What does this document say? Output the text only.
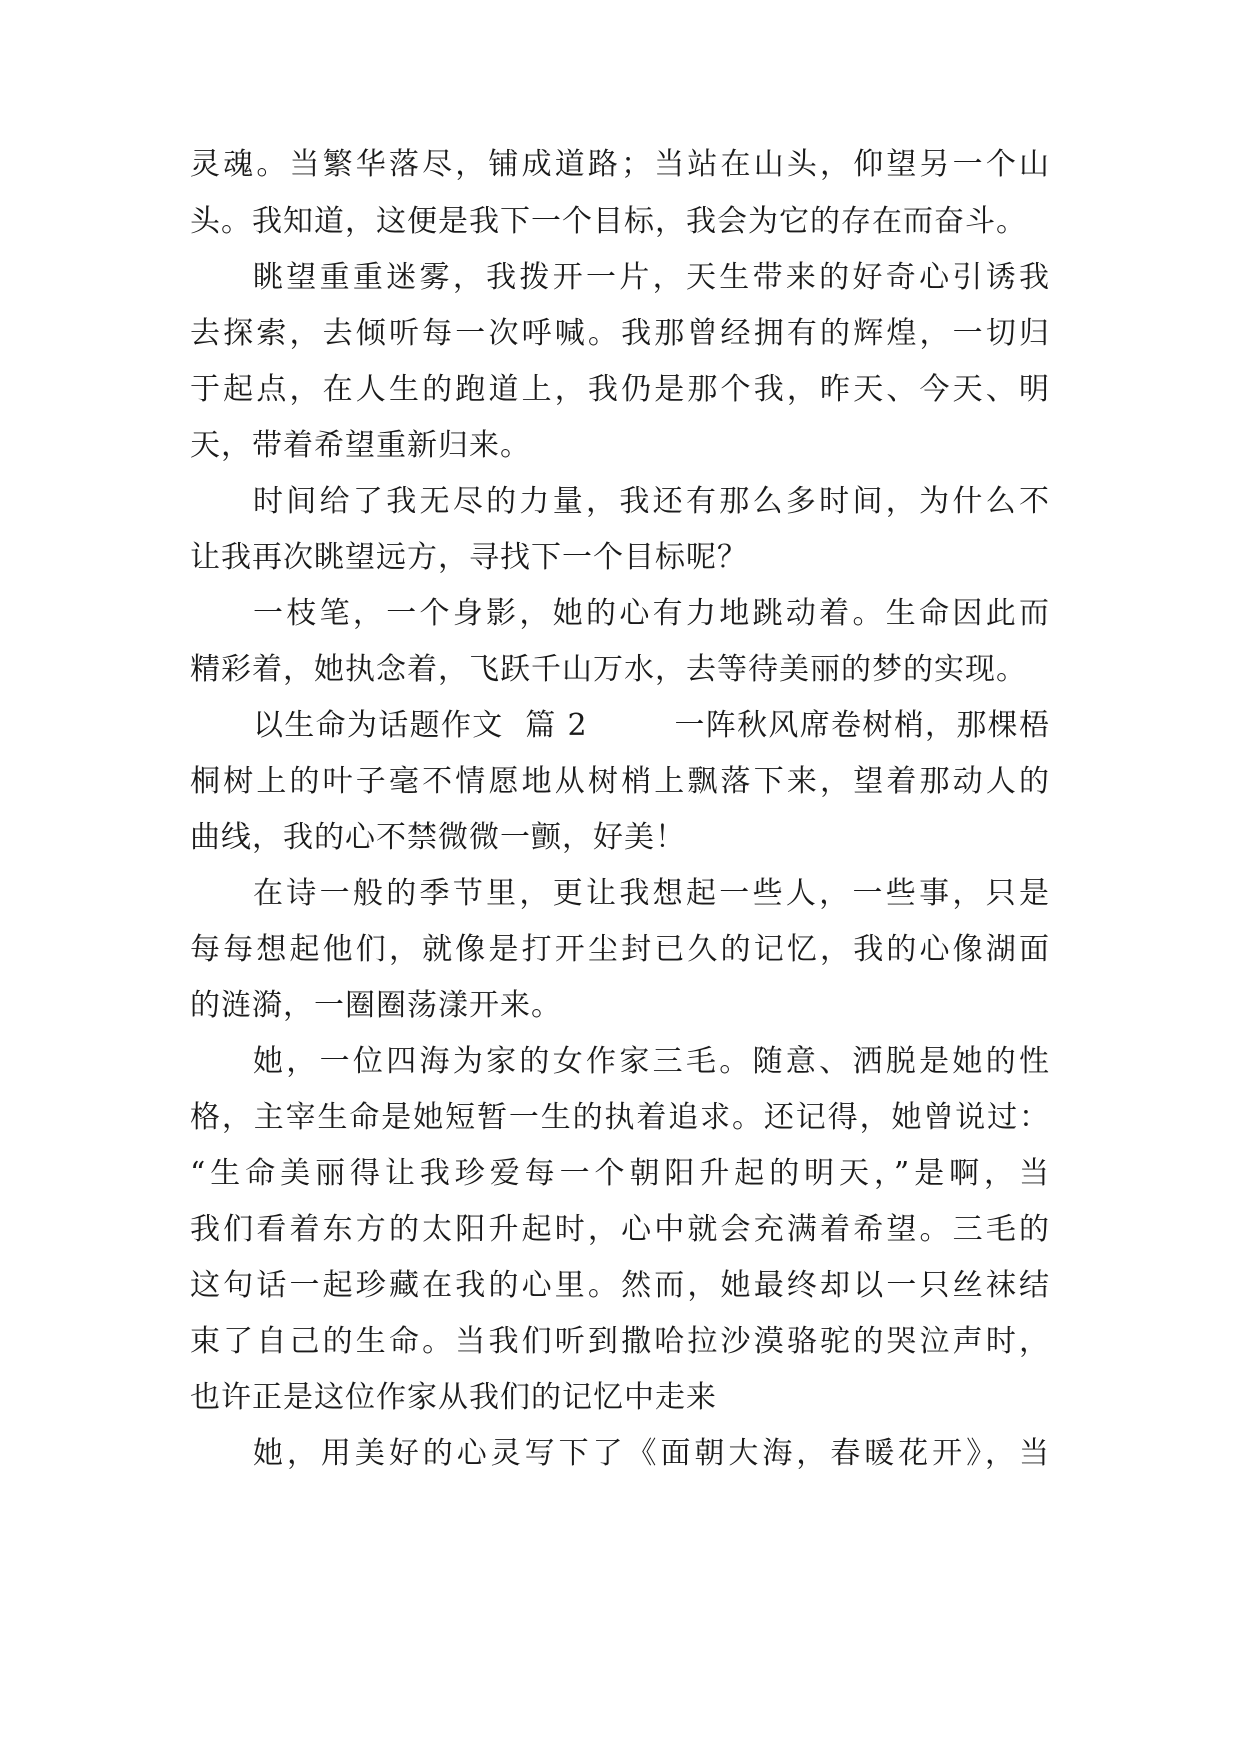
灵魂。当繁华落尽，铺成道路；当站在山头，仰望另一个山
头。我知道，这便是我下一个目标，我会为它的存在而奋斗。
眺望重重迷雾，我拨开一片，天生带来的好奇心引诱我
去探索，去倾听每一次呼喊。我那曾经拥有的辉煌，一切归
于起点，在人生的跑道上，我仍是那个我，昨天、今天、明
天，带着希望重新归来。
时间给了我无尽的力量，我还有那么多时间，为什么不
让我再次眺望远方，寻找下一个目标呢？
一枝笔，一个身影，她的心有力地跳动着。生命因此而
精彩着，她执念着，飞跃千山万水，去等待美丽的梦的实现。
以生命为话题作文  篇 2        一阵秋风席卷树梢，那棵梧
桐树上的叶子毫不情愿地从树梢上飘落下来，望着那动人的
曲线，我的心不禁微微一颤，好美！
在诗一般的季节里，更让我想起一些人，一些事，只是
每每想起他们，就像是打开尘封已久的记忆，我的心像湖面
的涟漪，一圈圈荡漾开来。
她，一位四海为家的女作家三毛。随意、洒脱是她的性
格，主宰生命是她短暂一生的执着追求。还记得，她曾说过：
“生命美丽得让我珍爱每一个朝阳升起的明天，”是啊，当
我们看着东方的太阳升起时，心中就会充满着希望。三毛的
这句话一起珍藏在我的心里。然而，她最终却以一只丝袜结
束了自己的生命。当我们听到撒哈拉沙漠骆驼的哭泣声时，
也许正是这位作家从我们的记忆中走来
她，用美好的心灵写下了《面朝大海，春暖花开》，当
